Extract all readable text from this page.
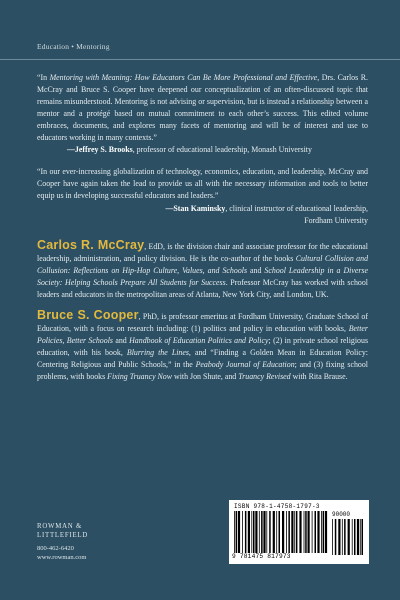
Education • Mentoring

“In Mentoring with Meaning: How Educators Can Be More Professional and Effective, Drs. Carlos R. McCray and Bruce S. Cooper have deepened our conceptualization of an often-discussed topic that remains misunderstood. Mentoring is not advising or supervision, but is instead a relationship between a mentor and a protégé based on mutual commitment to each other’s success. This edited volume embraces, documents, and explores many facets of mentoring and will be of interest and use to educators working in many contexts.”

—Jeffrey S. Brooks, professor of educational leadership, Monash University

“In our ever-increasing globalization of technology, economics, education, and leadership, McCray and Cooper have again taken the lead to provide us all with the necessary information and tools to better equip us in developing successful educators and leaders.”

—Stan Kaminsky, clinical instructor of educational leadership,
Fordham University

Carlos R. McCray, EdD, is the division chair and associate professor for the educational leadership, administration, and policy division. He is the co-author of the books Cultural Collision and Collusion: Reflections on Hip-Hop Culture, Values, and Schools and School Leadership in a Diverse Society: Helping Schools Prepare All Students for Success. Professor McCray has worked with school leaders and educators in the metropolitan areas of Atlanta, New York City, and London, UK.

Bruce S. Cooper, PhD, is professor emeritus at Fordham University, Graduate School of Education, with a focus on research including: (1) politics and policy in education with books, Better Policies, Better Schools and Handbook of Education Politics and Policy; (2) in private school religious education, with his book, Blurring the Lines, and “Finding a Golden Mean in Education Policy: Centering Religious and Public Schools,” in the Peabody Journal of Education; and (3) fixing school problems, with books Fixing Truancy Now with Jon Shute, and Truancy Revised with Rita Brause.

ROWMAN &
LITTLEFIELD
800-462-6420
www.rowman.com
ISBN 978-1-4758-1797-3
90000
9 781475 817973
